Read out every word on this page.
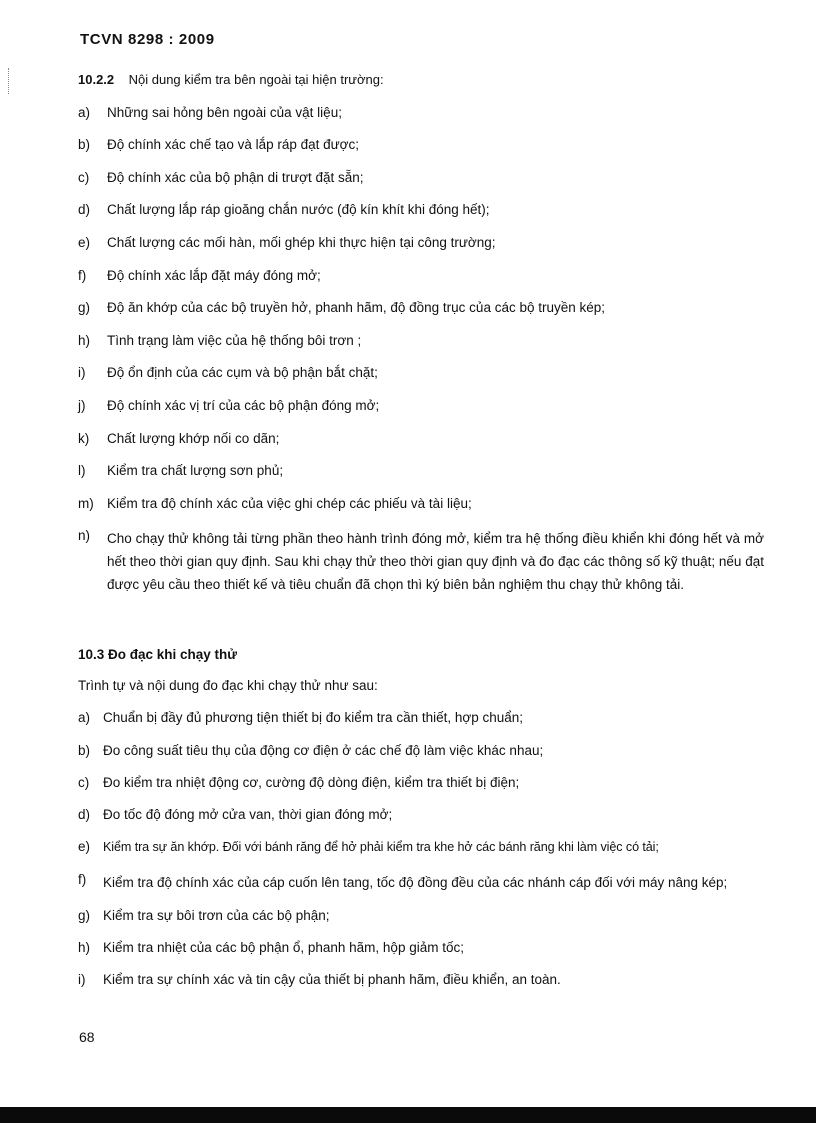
TCVN 8298 : 2009
10.2.2 Nội dung kiểm tra bên ngoài tại hiện trường:
a)	Những sai hỏng bên ngoài của vật liệu;
b)	Độ chính xác chế tạo và lắp ráp đạt được;
c)	Độ chính xác của bộ phận di trượt đặt sẵn;
d)	Chất lượng lắp ráp gioăng chắn nước (độ kín khít khi đóng hết);
e)	Chất lượng các mối hàn, mối ghép khi thực hiện tại công trường;
f)	Độ chính xác lắp đặt máy đóng mở;
g)	Độ ăn khớp của các bộ truyền hở, phanh hãm, độ đồng trục của các bộ truyền kép;
h)	Tình trạng làm việc của hệ thống bôi trơn ;
i)	Độ ổn định của các cụm và bộ phận bắt chặt;
j)	Độ chính xác vị trí của các bộ phận đóng mở;
k)	Chất lượng khớp nối co dãn;
l)	Kiểm tra chất lượng sơn phủ;
m) Kiểm tra độ chính xác của việc ghi chép các phiếu và tài liệu;
n)	Cho chạy thử không tải từng phần theo hành trình đóng mở, kiểm tra hệ thống điều khiển khi đóng hết và mở hết theo thời gian quy định. Sau khi chạy thử theo thời gian quy định và đo đạc các thông số kỹ thuật; nếu đạt được yêu cầu theo thiết kế và tiêu chuẩn đã chọn thì ký biên bản nghiệm thu chạy thử không tải.
10.3 Đo đạc khi chạy thử
Trình tự và nội dung đo đạc khi chạy thử như sau:
a) Chuẩn bị đầy đủ phương tiện thiết bị đo kiểm tra cần thiết, hợp chuẩn;
b) Đo công suất tiêu thụ của động cơ điện ở các chế độ làm việc khác nhau;
c)	Đo kiểm tra nhiệt động cơ, cường độ dòng điện, kiểm tra thiết bị điện;
d) Đo tốc độ đóng mở cửa van, thời gian đóng mở;
e)	Kiểm tra sự ăn khớp. Đối với bánh răng để hở phải kiểm tra khe hở các bánh răng khi làm việc có tải;
f)	Kiểm tra độ chính xác của cáp cuốn lên tang, tốc độ đồng đều của các nhánh cáp đối với máy nâng kép;
g) Kiểm tra sự bôi trơn của các bộ phận;
h) Kiểm tra nhiệt của các bộ phận ổ, phanh hãm, hộp giảm tốc;
i)	Kiểm tra sự chính xác và tin cậy của thiết bị phanh hãm, điều khiển, an toàn.
68
